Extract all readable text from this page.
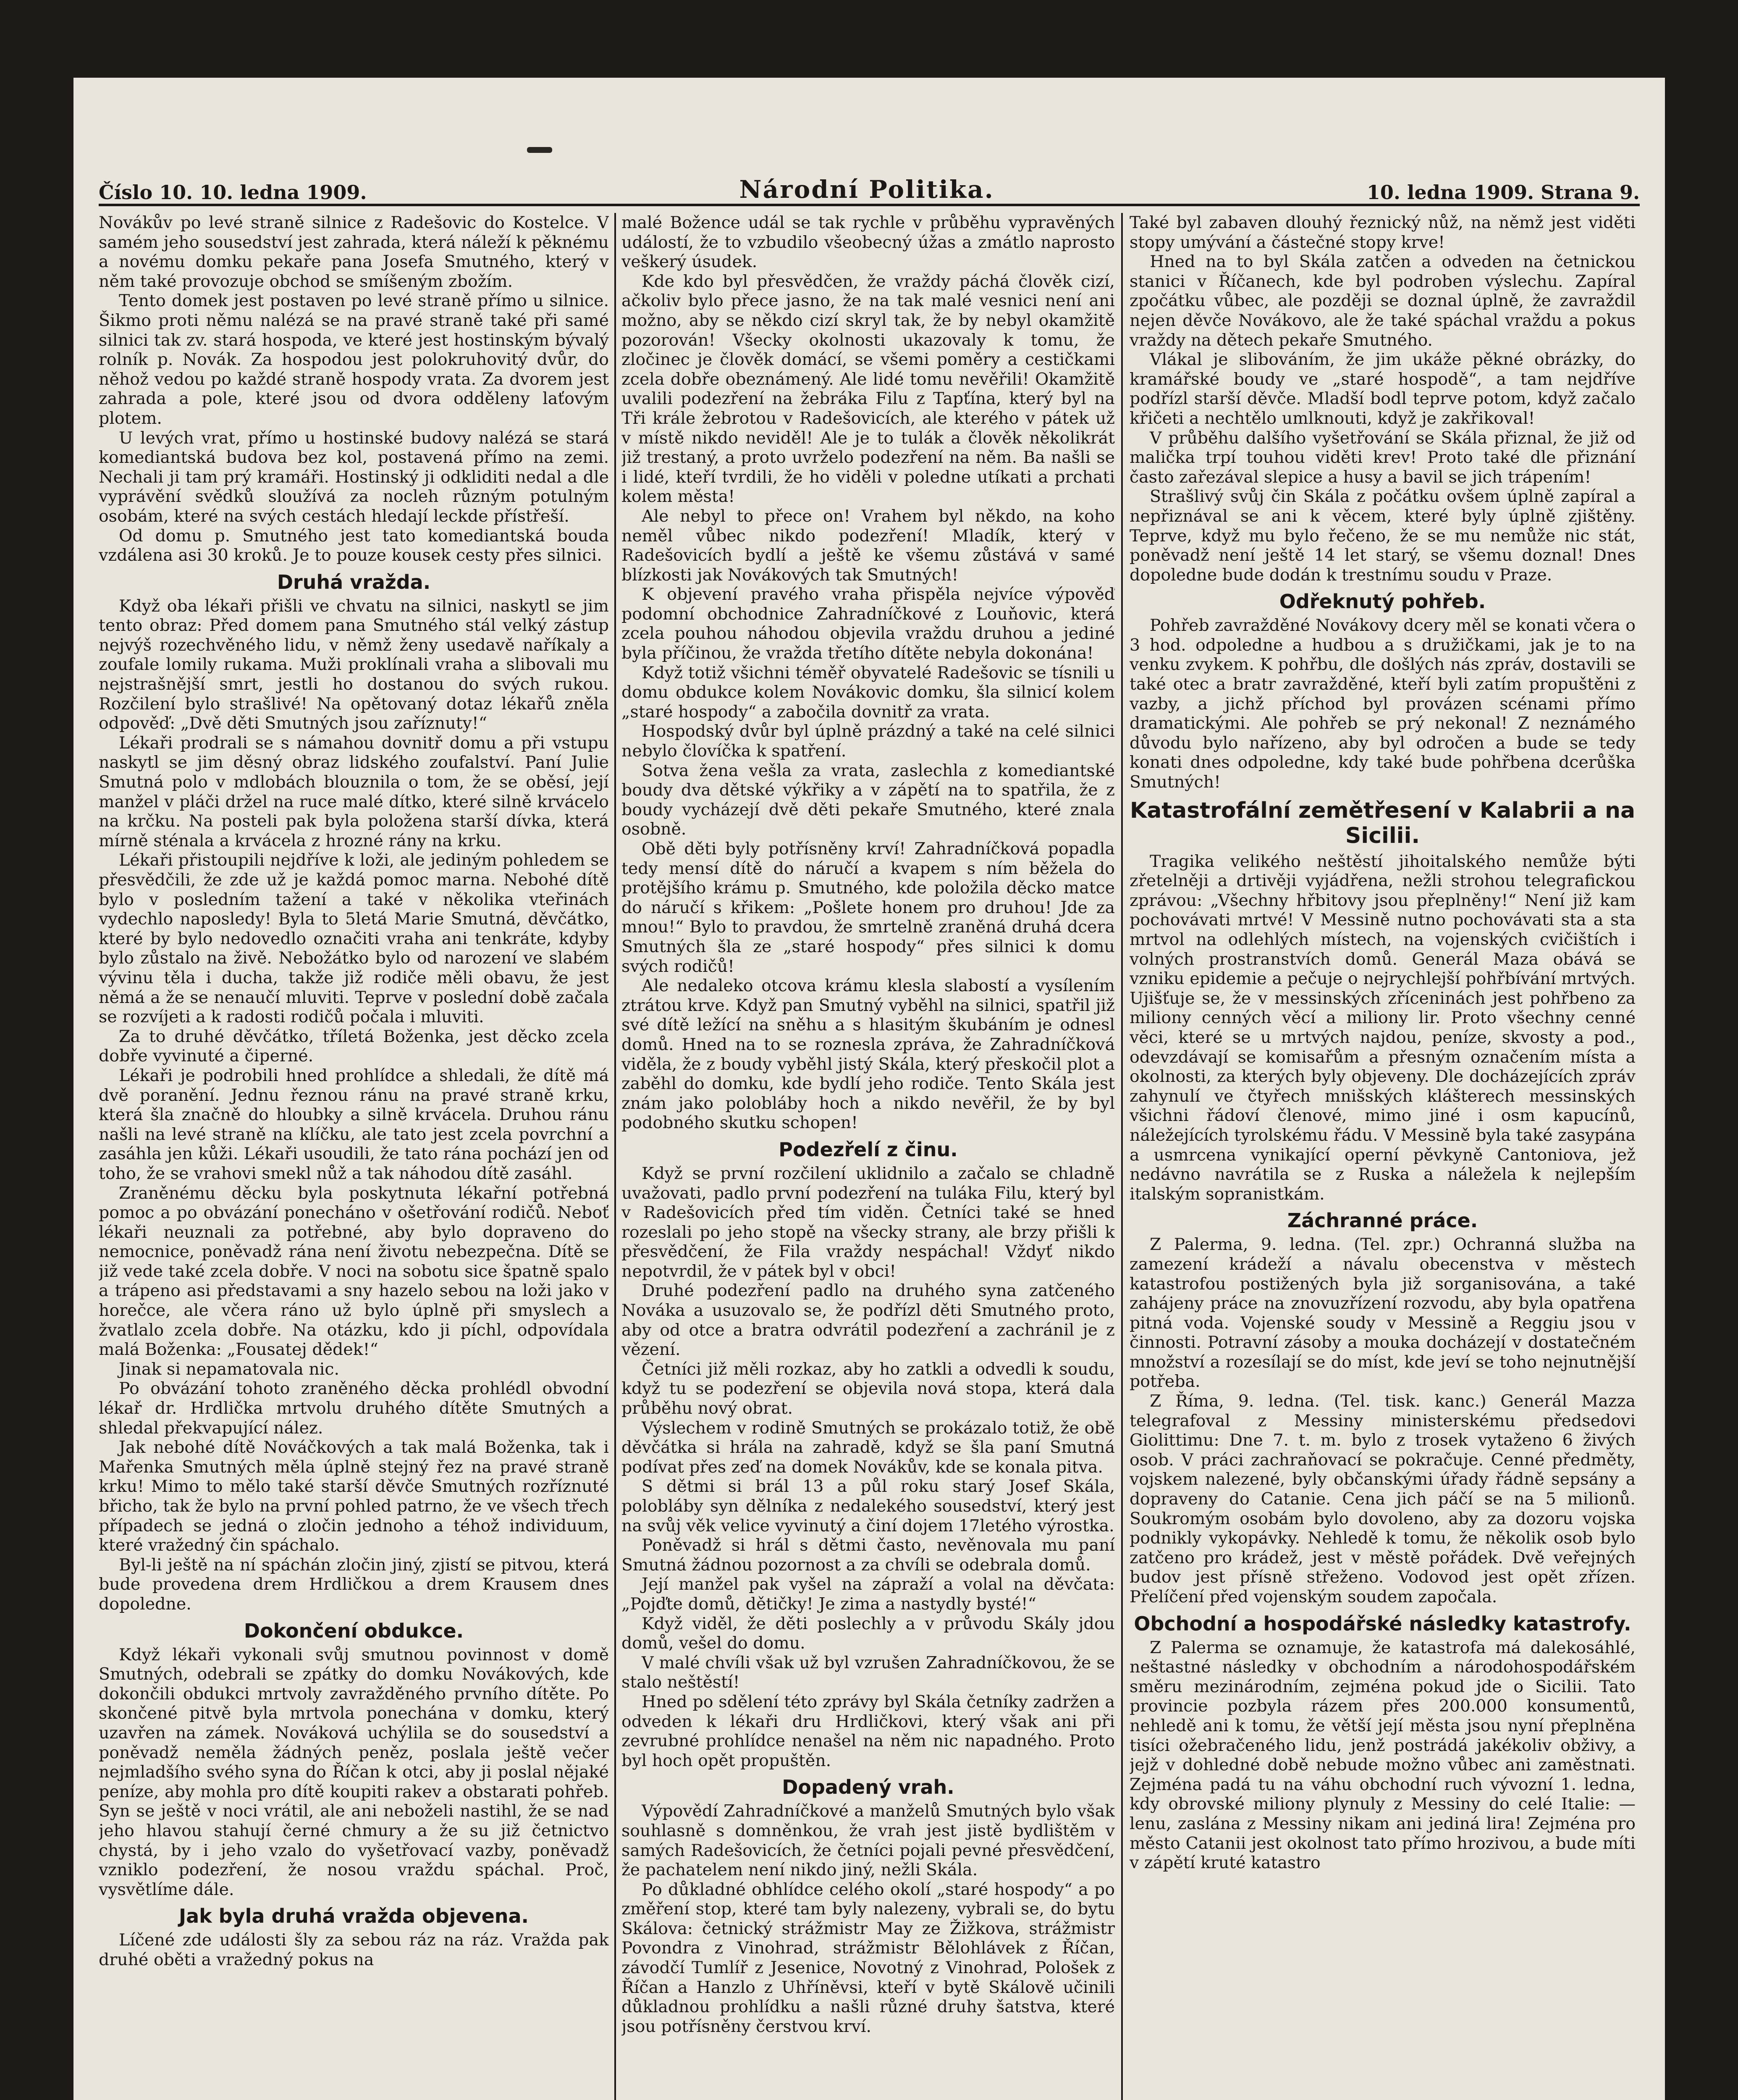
Číslo 10. 10. ledna 1909.	Národní Politika.	10. ledna 1909. Strana 9.

Novákův po levé straně silnice z Radešovic do Kostelce. V samém jeho sousedství jest zahrada, která náleží k pěknému a novému domku pekaře pana Josefa Smutného, který v něm také provozuje obchod se smíšeným zbožím.

Tento domek jest postaven po levé straně přímo u silnice. Šikmo proti němu nalézá se na pravé straně také při samé silnici tak zv. stará hospoda, ve které jest hostinským bývalý rolník p. Novák. Za hospodou jest polokruhovitý dvůr, do něhož vedou po každé straně hospody vrata. Za dvorem jest zahrada a pole, které jsou od dvora odděleny laťovým plotem.

U levých vrat, přímo u hostinské budovy nalézá se stará komediantská budova bez kol, postavená přímo na zemi. Nechali ji tam prý kramáři. Hostinský ji odkliditi nedal a dle vyprávění svědků sloužívá za nocleh různým potulným osobám, které na svých cestách hledají leckde přístřeší.

Od domu p. Smutného jest tato komediantská bouda vzdálena asi 30 kroků. Je to pouze kousek cesty přes silnici.

Druhá vražda.

Když oba lékaři přišli ve chvatu na silnici, naskytl se jim tento obraz: Před domem pana Smutného stál velký zástup nejvýš rozechvěného lidu, v němž ženy usedavě naříkaly a zoufale lomily rukama. Muži proklínali vraha a slibovali mu nejstrašnější smrt, jestli ho dostanou do svých rukou. Rozčilení bylo strašlivé! Na opětovaný dotaz lékařů zněla odpověď: „Dvě děti Smutných jsou zaříznuty!“

Lékaři prodrali se s námahou dovnitř domu a při vstupu naskytl se jim děsný obraz lidského zoufalství. Paní Julie Smutná polo v mdlobách blouznila o tom, že se oběsí, její manžel v pláči držel na ruce malé dítko, které silně krvácelo na krčku. Na posteli pak byla položena starší dívka, která mírně sténala a krvácela z hrozné rány na krku.

Lékaři přistoupili nejdříve k loži, ale jediným pohledem se přesvědčili, že zde už je každá pomoc marna. Nebohé dítě bylo v posledním tažení a také v několika vteřinách vydechlo naposledy! Byla to 5letá Marie Smutná, děvčátko, které by bylo nedovedlo označiti vraha ani tenkráte, kdyby bylo zůstalo na živě. Nebožátko bylo od narození ve slabém vývinu těla i ducha, takže již rodiče měli obavu, že jest němá a že se nenaučí mluviti. Teprve v poslední době začala se rozvíjeti a k radosti rodičů počala i mluviti.

Za to druhé děvčátko, tříletá Boženka, jest děcko zcela dobře vyvinuté a čiperné.

Lékaři je podrobili hned prohlídce a shledali, že dítě má dvě poranění. Jednu řeznou ránu na pravé straně krku, která šla značně do hloubky a silně krvácela. Druhou ránu našli na levé straně na klíčku, ale tato jest zcela povrchní a zasáhla jen kůži. Lékaři usoudili, že tato rána pochází jen od toho, že se vrahovi smekl nůž a tak náhodou dítě zasáhl.

Zraněnému děcku byla poskytnuta lékařní potřebná pomoc a po obvázání ponecháno v ošetřování rodičů. Neboť lékaři neuznali za potřebné, aby bylo dopraveno do nemocnice, poněvadž rána není životu nebezpečna. Dítě se již vede také zcela dobře. V noci na sobotu sice špatně spalo a trápeno asi představami a sny hazelo sebou na loži jako v horečce, ale včera ráno už bylo úplně při smyslech a žvatlalo zcela dobře. Na otázku, kdo ji píchl, odpovídala malá Boženka: „Fousatej dědek!“

Jinak si nepamatovala nic.

Po obvázání tohoto zraněného děcka prohlédl obvodní lékař dr. Hrdlička mrtvolu druhého dítěte Smutných a shledal překvapující nález.

Jak nebohé dítě Nováčkových a tak malá Boženka, tak i Mařenka Smutných měla úplně stejný řez na pravé straně krku! Mimo to mělo také starší děvče Smutných rozříznuté břicho, tak že bylo na první pohled patrno, že ve všech třech případech se jedná o zločin jednoho a téhož individuum, které vražedný čin spáchalo.

Byl-li ještě na ní spáchán zločin jiný, zjistí se pitvou, která bude provedena drem Hrdličkou a drem Krausem dnes dopoledne.

Dokončení obdukce.

Když lékaři vykonali svůj smutnou povinnost v domě Smutných, odebrali se zpátky do domku Novákových, kde dokončili obdukci mrtvoly zavražděného prvního dítěte. Po skončené pitvě byla mrtvola ponechána v domku, který uzavřen na zámek. Nováková uchýlila se do sousedství a poněvadž neměla žádných peněz, poslala ještě večer nejmladšího svého syna do Říčan k otci, aby ji poslal nějaké peníze, aby mohla pro dítě koupiti rakev a obstarati pohřeb. Syn se ještě v noci vrátil, ale ani neboželi nastihl, že se nad jeho hlavou stahují černé chmury a že su již četnictvo chystá, by i jeho vzalo do vyšetřovací vazby, poněvadž vzniklo podezření, že nosou vraždu spáchal. Proč, vysvětlíme dále.

Jak byla druhá vražda objevena.

Líčené zde události šly za sebou ráz na ráz. Vražda pak druhé oběti a vražedný pokus na

malé Božence udál se tak rychle v průběhu vypravěných událostí, že to vzbudilo všeobecný úžas a zmátlo naprosto veškerý úsudek.

Kde kdo byl přesvědčen, že vraždy páchá člověk cizí, ačkoliv bylo přece jasno, že na tak malé vesnici není ani možno, aby se někdo cizí skryl tak, že by nebyl okamžitě pozorován! Všecky okolnosti ukazovaly k tomu, že zločinec je člověk domácí, se všemi poměry a cestičkami zcela dobře obeznámený. Ale lidé tomu nevěřili! Okamžitě uvalili podezření na žebráka Filu z Tapťína, který byl na Tři krále žebrotou v Radešovicích, ale kterého v pátek už v místě nikdo neviděl! Ale je to tulák a člověk několikrát již trestaný, a proto uvrželo podezření na něm. Ba našli se i lidé, kteří tvrdili, že ho viděli v poledne utíkati a prchati kolem města!

Ale nebyl to přece on! Vrahem byl někdo, na koho neměl vůbec nikdo podezření! Mladík, který v Radešovicích bydlí a ještě ke všemu zůstává v samé blízkosti jak Novákových tak Smutných!

K objevení pravého vraha přispěla nejvíce výpověď podomní obchodnice Zahradníčkové z Louňovic, která zcela pouhou náhodou objevila vraždu druhou a jediné byla příčinou, že vražda třetího dítěte nebyla dokonána!

Když totiž všichni téměř obyvatelé Radešovic se tísnili u domu obdukce kolem Novákovic domku, šla silnicí kolem „staré hospody“ a zabočila dovnitř za vrata.

Hospodský dvůr byl úplně prázdný a také na celé silnici nebylo človíčka k spatření.

Sotva žena vešla za vrata, zaslechla z komediantské boudy dva dětské výkřiky a v zápětí na to spatřila, že z boudy vycházejí dvě děti pekaře Smutného, které znala osobně.

Obě děti byly potřísněny krví! Zahradníčková popadla tedy mensí dítě do náručí a kvapem s ním běžela do protějšího krámu p. Smutného, kde položila děcko matce do náručí s křikem: „Pošlete honem pro druhou! Jde za mnou!“ Bylo to pravdou, že smrtelně zraněná druhá dcera Smutných šla ze „staré hospody“ přes silnici k domu svých rodičů!

Ale nedaleko otcova krámu klesla slabostí a vysílením ztrátou krve. Když pan Smutný vyběhl na silnici, spatřil již své dítě ležící na sněhu a s hlasitým škubáním je odnesl domů. Hned na to se roznesla zpráva, že Zahradníčková viděla, že z boudy vyběhl jistý Skála, který přeskočil plot a zaběhl do domku, kde bydlí jeho rodiče. Tento Skála jest znám jako polobláby hoch a nikdo nevěřil, že by byl podobného skutku schopen!

Podezřelí z činu.

Když se první rozčilení uklidnilo a začalo se chladně uvažovati, padlo první podezření na tuláka Filu, který byl v Radešovicích před tím viděn. Četníci také se hned rozeslali po jeho stopě na všecky strany, ale brzy přišli k přesvědčení, že Fila vraždy nespáchal! Vždyť nikdo nepotvrdil, že v pátek byl v obci!

Druhé podezření padlo na druhého syna zatčeného Nováka a usuzovalo se, že podřízl děti Smutného proto, aby od otce a bratra odvrátil podezření a zachránil je z vězení.

Četníci již měli rozkaz, aby ho zatkli a odvedli k soudu, když tu se podezření se objevila nová stopa, která dala průběhu nový obrat.

Výslechem v rodině Smutných se prokázalo totiž, že obě děvčátka si hrála na zahradě, když se šla paní Smutná podívat přes zeď na domek Novákův, kde se konala pitva.

S dětmi si brál 13 a půl roku starý Josef Skála, polobláby syn dělníka z nedalekého sousedství, který jest na svůj věk velice vyvinutý a činí dojem 17letého výrostka.

Poněvadž si hrál s dětmi často, nevěnovala mu paní Smutná žádnou pozornost a za chvíli se odebrala domů.

Její manžel pak vyšel na zápraží a volal na děvčata: „Pojďte domů, dětičky! Je zima a nastydly bysté!“

Když viděl, že děti poslechly a v průvodu Skály jdou domů, vešel do domu.

V malé chvíli však už byl vzrušen Zahradníčkovou, že se stalo neštěstí!

Hned po sdělení této zprávy byl Skála četníky zadržen a odveden k lékaři dru Hrdličkovi, který však ani při zevrubné prohlídce nenašel na něm nic napadného. Proto byl hoch opět propuštěn.

Dopadený vrah.

Výpovědí Zahradníčkové a manželů Smutných bylo však souhlasně s domněnkou, že vrah jest jistě bydlištěm v samých Radešovicích, že četníci pojali pevné přesvědčení, že pachatelem není nikdo jiný, nežli Skála.

Po důkladné obhlídce celého okolí „staré hospody“ a po změření stop, které tam byly nalezeny, vybrali se, do bytu Skálova: četnický strážmistr May ze Žižkova, strážmistr Povondra z Vinohrad, strážmistr Bělohlávek z Říčan, závodčí Tumlíř z Jesenice, Novotný z Vinohrad, Pološek z Říčan a Hanzlo z Uhříněvsi, kteří v bytě Skálově učinili důkladnou prohlídku a našli různé druhy šatstva, které jsou potřísněny čerstvou krví.

Také byl zabaven dlouhý řeznický nůž, na němž jest viděti stopy umývání a částečné stopy krve!

Hned na to byl Skála zatčen a odveden na četnickou stanici v Říčanech, kde byl podroben výslechu. Zapíral zpočátku vůbec, ale později se doznal úplně, že zavraždil nejen děvče Novákovo, ale že také spáchal vraždu a pokus vraždy na dětech pekaře Smutného.

Vlákal je slibováním, že jim ukáže pěkné obrázky, do kramářské boudy ve „staré hospodě“, a tam nejdříve podřízl starší děvče. Mladší bodl teprve potom, když začalo křičeti a nechtělo umlknouti, když je zakřikoval!

V průběhu dalšího vyšetřování se Skála přiznal, že již od malička trpí touhou viděti krev! Proto také dle přiznání často zařezával slepice a husy a bavil se jich trápením!

Strašlivý svůj čin Skála z počátku ovšem úplně zapíral a nepřiznával se ani k věcem, které byly úplně zjištěny. Teprve, když mu bylo řečeno, že se mu nemůže nic stát, poněvadž není ještě 14 let starý, se všemu doznal! Dnes dopoledne bude dodán k trestnímu soudu v Praze.

Odřeknutý pohřeb.

Pohřeb zavražděné Novákovy dcery měl se konati včera o 3 hod. odpoledne a hudbou a s družičkami, jak je to na venku zvykem. K pohřbu, dle došlých nás zpráv, dostavili se také otec a bratr zavražděné, kteří byli zatím propuštěni z vazby, a jichž příchod byl provázen scénami přímo dramatickými. Ale pohřeb se prý nekonal! Z neznámého důvodu bylo nařízeno, aby byl odročen a bude se tedy konati dnes odpoledne, kdy také bude pohřbena dcerůška Smutných!

Katastrofální zemětřesení v Kalabrii a na Sicilii.

Tragika velikého neštěstí jihoitalského nemůže býti zřetelněji a drtivěji vyjádřena, nežli strohou telegrafickou zprávou: „Všechny hřbitovy jsou přeplněny!“ Není již kam pochovávati mrtvé! V Messině nutno pochovávati sta a sta mrtvol na odlehlých místech, na vojenských cvičištích i volných prostranstvích domů. Generál Maza obává se vzniku epidemie a pečuje o nejrychlejší pohřbívání mrtvých. Ujišťuje se, že v messinských zříceninách jest pohřbeno za miliony cenných věcí a miliony lir. Proto všechny cenné věci, které se u mrtvých najdou, peníze, skvosty a pod., odevzdávají se komisařům a přesným označením místa a okolnosti, za kterých byly objeveny. Dle docházejících zpráv zahynulí ve čtyřech mnišských klášterech messinských všichni řádoví členové, mimo jiné i osm kapucínů, náležejících tyrolskému řádu. V Messině byla také zasypána a usmrcena vynikající operní pěvkyně Cantoniova, jež nedávno navrátila se z Ruska a náležela k nejlepším italským sopranistkám.

Záchranné práce.

Z Palerma, 9. ledna. (Tel. zpr.) Ochranná služba na zamezení krádeží a návalu obecenstva v městech katastrofou postižených byla již sorganisována, a také zahájeny práce na znovuzřízení rozvodu, aby byla opatřena pitná voda. Vojenské soudy v Messině a Reggiu jsou v činnosti. Potravní zásoby a mouka docházejí v dostatečném množství a rozesílají se do míst, kde jeví se toho nejnutnější potřeba.

Z Říma, 9. ledna. (Tel. tisk. kanc.) Generál Mazza telegrafoval z Messiny ministerskému předsedovi Giolittimu: Dne 7. t. m. bylo z trosek vytaženo 6 živých osob. V práci zachraňovací se pokračuje. Cenné předměty, vojskem nalezené, byly občanskými úřady řádně sepsány a dopraveny do Catanie. Cena jich páčí se na 5 milionů. Soukromým osobám bylo dovoleno, aby za dozoru vojska podnikly vykopávky. Nehledě k tomu, že několik osob bylo zatčeno pro krádež, jest v městě pořádek. Dvě veřejných budov jest přísně střeženo. Vodovod jest opět zřízen. Přelíčení před vojenským soudem započala.

Obchodní a hospodářské následky katastrofy.

Z Palerma se oznamuje, že katastrofa má dalekosáhlé, neštastné následky v obchodním a národohospodářském směru mezinárodním, zejména pokud jde o Sicilii. Tato provincie pozbyla rázem přes 200.000 konsumentů, nehledě ani k tomu, že větší její města jsou nyní přeplněna tisíci ožebračeného lidu, jenž postrádá jakékoliv obživy, a jejž v dohledné době nebude možno vůbec ani zaměstnati. Zejména padá tu na váhu obchodní ruch vývozní 1. ledna, kdy obrovské miliony plynuly z Messiny do celé Italie: — lenu, zaslána z Messiny nikam ani jediná lira! Zejména pro město Catanii jest okolnost tato přímo hrozivou, a bude míti v zápětí kruté katastro
